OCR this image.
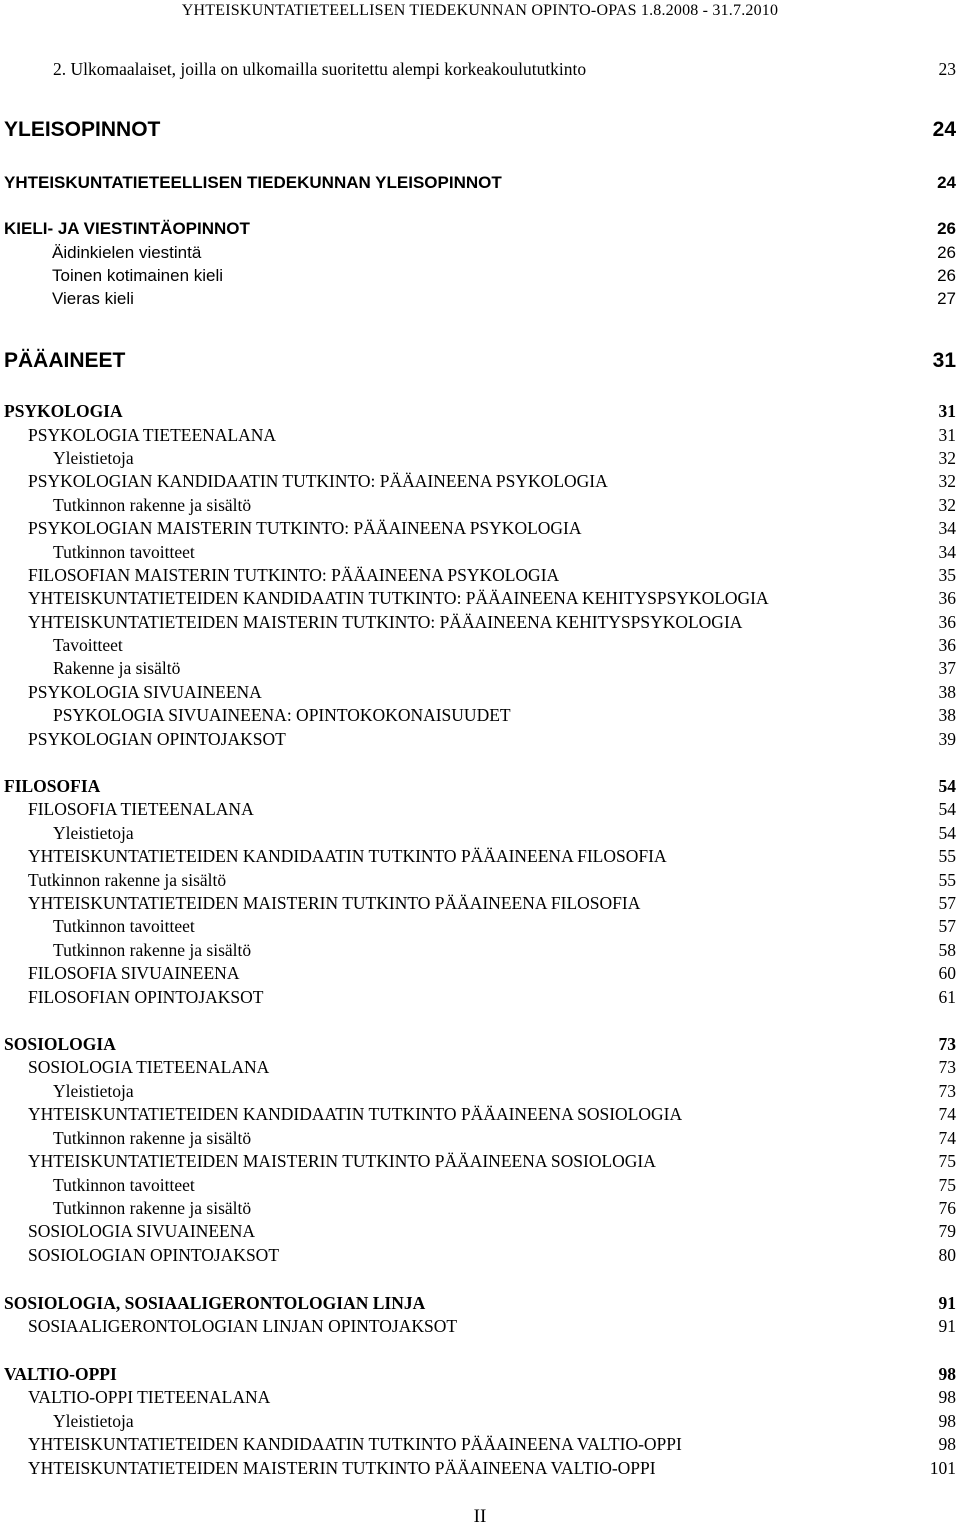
YHTEISKUNTATIETEELLISEN TIEDEKUNNAN OPINTO-OPAS 1.8.2008 - 31.7.2010
2. Ulkomaalaiset, joilla on ulkomailla suoritettu alempi korkeakoulututkinto	23
YLEISOPINNOT	24
YHTEISKUNTATIETEELLISEN TIEDEKUNNAN YLEISOPINNOT	24
KIELI- JA VIESTINTÄOPINNOT	26
Äidinkielen viestintä	26
Toinen kotimainen kieli	26
Vieras kieli	27
PÄÄAINEET	31
PSYKOLOGIA	31
PSYKOLOGIA TIETEENALANA	31
Yleistietoja	32
PSYKOLOGIAN KANDIDAATIN TUTKINTO: PÄÄAINEENA PSYKOLOGIA	32
Tutkinnon rakenne ja sisältö	32
PSYKOLOGIAN MAISTERIN TUTKINTO: PÄÄAINEENA PSYKOLOGIA	34
Tutkinnon tavoitteet	34
FILOSOFIAN MAISTERIN TUTKINTO: PÄÄAINEENA PSYKOLOGIA	35
YHTEISKUNTATIETEIDEN KANDIDAATIN TUTKINTO: PÄÄAINEENA KEHITYSPSYKOLOGIA	36
YHTEISKUNTATIETEIDEN MAISTERIN TUTKINTO: PÄÄAINEENA KEHITYSPSYKOLOGIA	36
Tavoitteet	36
Rakenne ja sisältö	37
PSYKOLOGIA SIVUAINEENA	38
PSYKOLOGIA SIVUAINEENA: OPINTOKOKONAISUUDET	38
PSYKOLOGIAN OPINTOJAKSOT	39
FILOSOFIA	54
FILOSOFIA TIETEENALANA	54
Yleistietoja	54
YHTEISKUNTATIETEIDEN KANDIDAATIN TUTKINTO PÄÄAINEENA FILOSOFIA	55
Tutkinnon rakenne ja sisältö	55
YHTEISKUNTATIETEIDEN MAISTERIN TUTKINTO PÄÄAINEENA FILOSOFIA	57
Tutkinnon tavoitteet	57
Tutkinnon rakenne ja sisältö	58
FILOSOFIA SIVUAINEENA	60
FILOSOFIAN OPINTOJAKSOT	61
SOSIOLOGIA	73
SOSIOLOGIA TIETEENALANA	73
Yleistietoja	73
YHTEISKUNTATIETEIDEN KANDIDAATIN TUTKINTO PÄÄAINEENA SOSIOLOGIA	74
Tutkinnon rakenne ja sisältö	74
YHTEISKUNTATIETEIDEN MAISTERIN TUTKINTO PÄÄAINEENA SOSIOLOGIA	75
Tutkinnon tavoitteet	75
Tutkinnon rakenne ja sisältö	76
SOSIOLOGIA SIVUAINEENA	79
SOSIOLOGIAN OPINTOJAKSOT	80
SOSIOLOGIA, SOSIAALIGERONTOLOGIAN LINJA	91
SOSIAALIGERONTOLOGIAN LINJAN OPINTOJAKSOT	91
VALTIO-OPPI	98
VALTIO-OPPI TIETEENALANA	98
Yleistietoja	98
YHTEISKUNTATIETEIDEN KANDIDAATIN TUTKINTO PÄÄAINEENA VALTIO-OPPI	98
YHTEISKUNTATIETEIDEN MAISTERIN TUTKINTO PÄÄAINEENA VALTIO-OPPI	101
II
